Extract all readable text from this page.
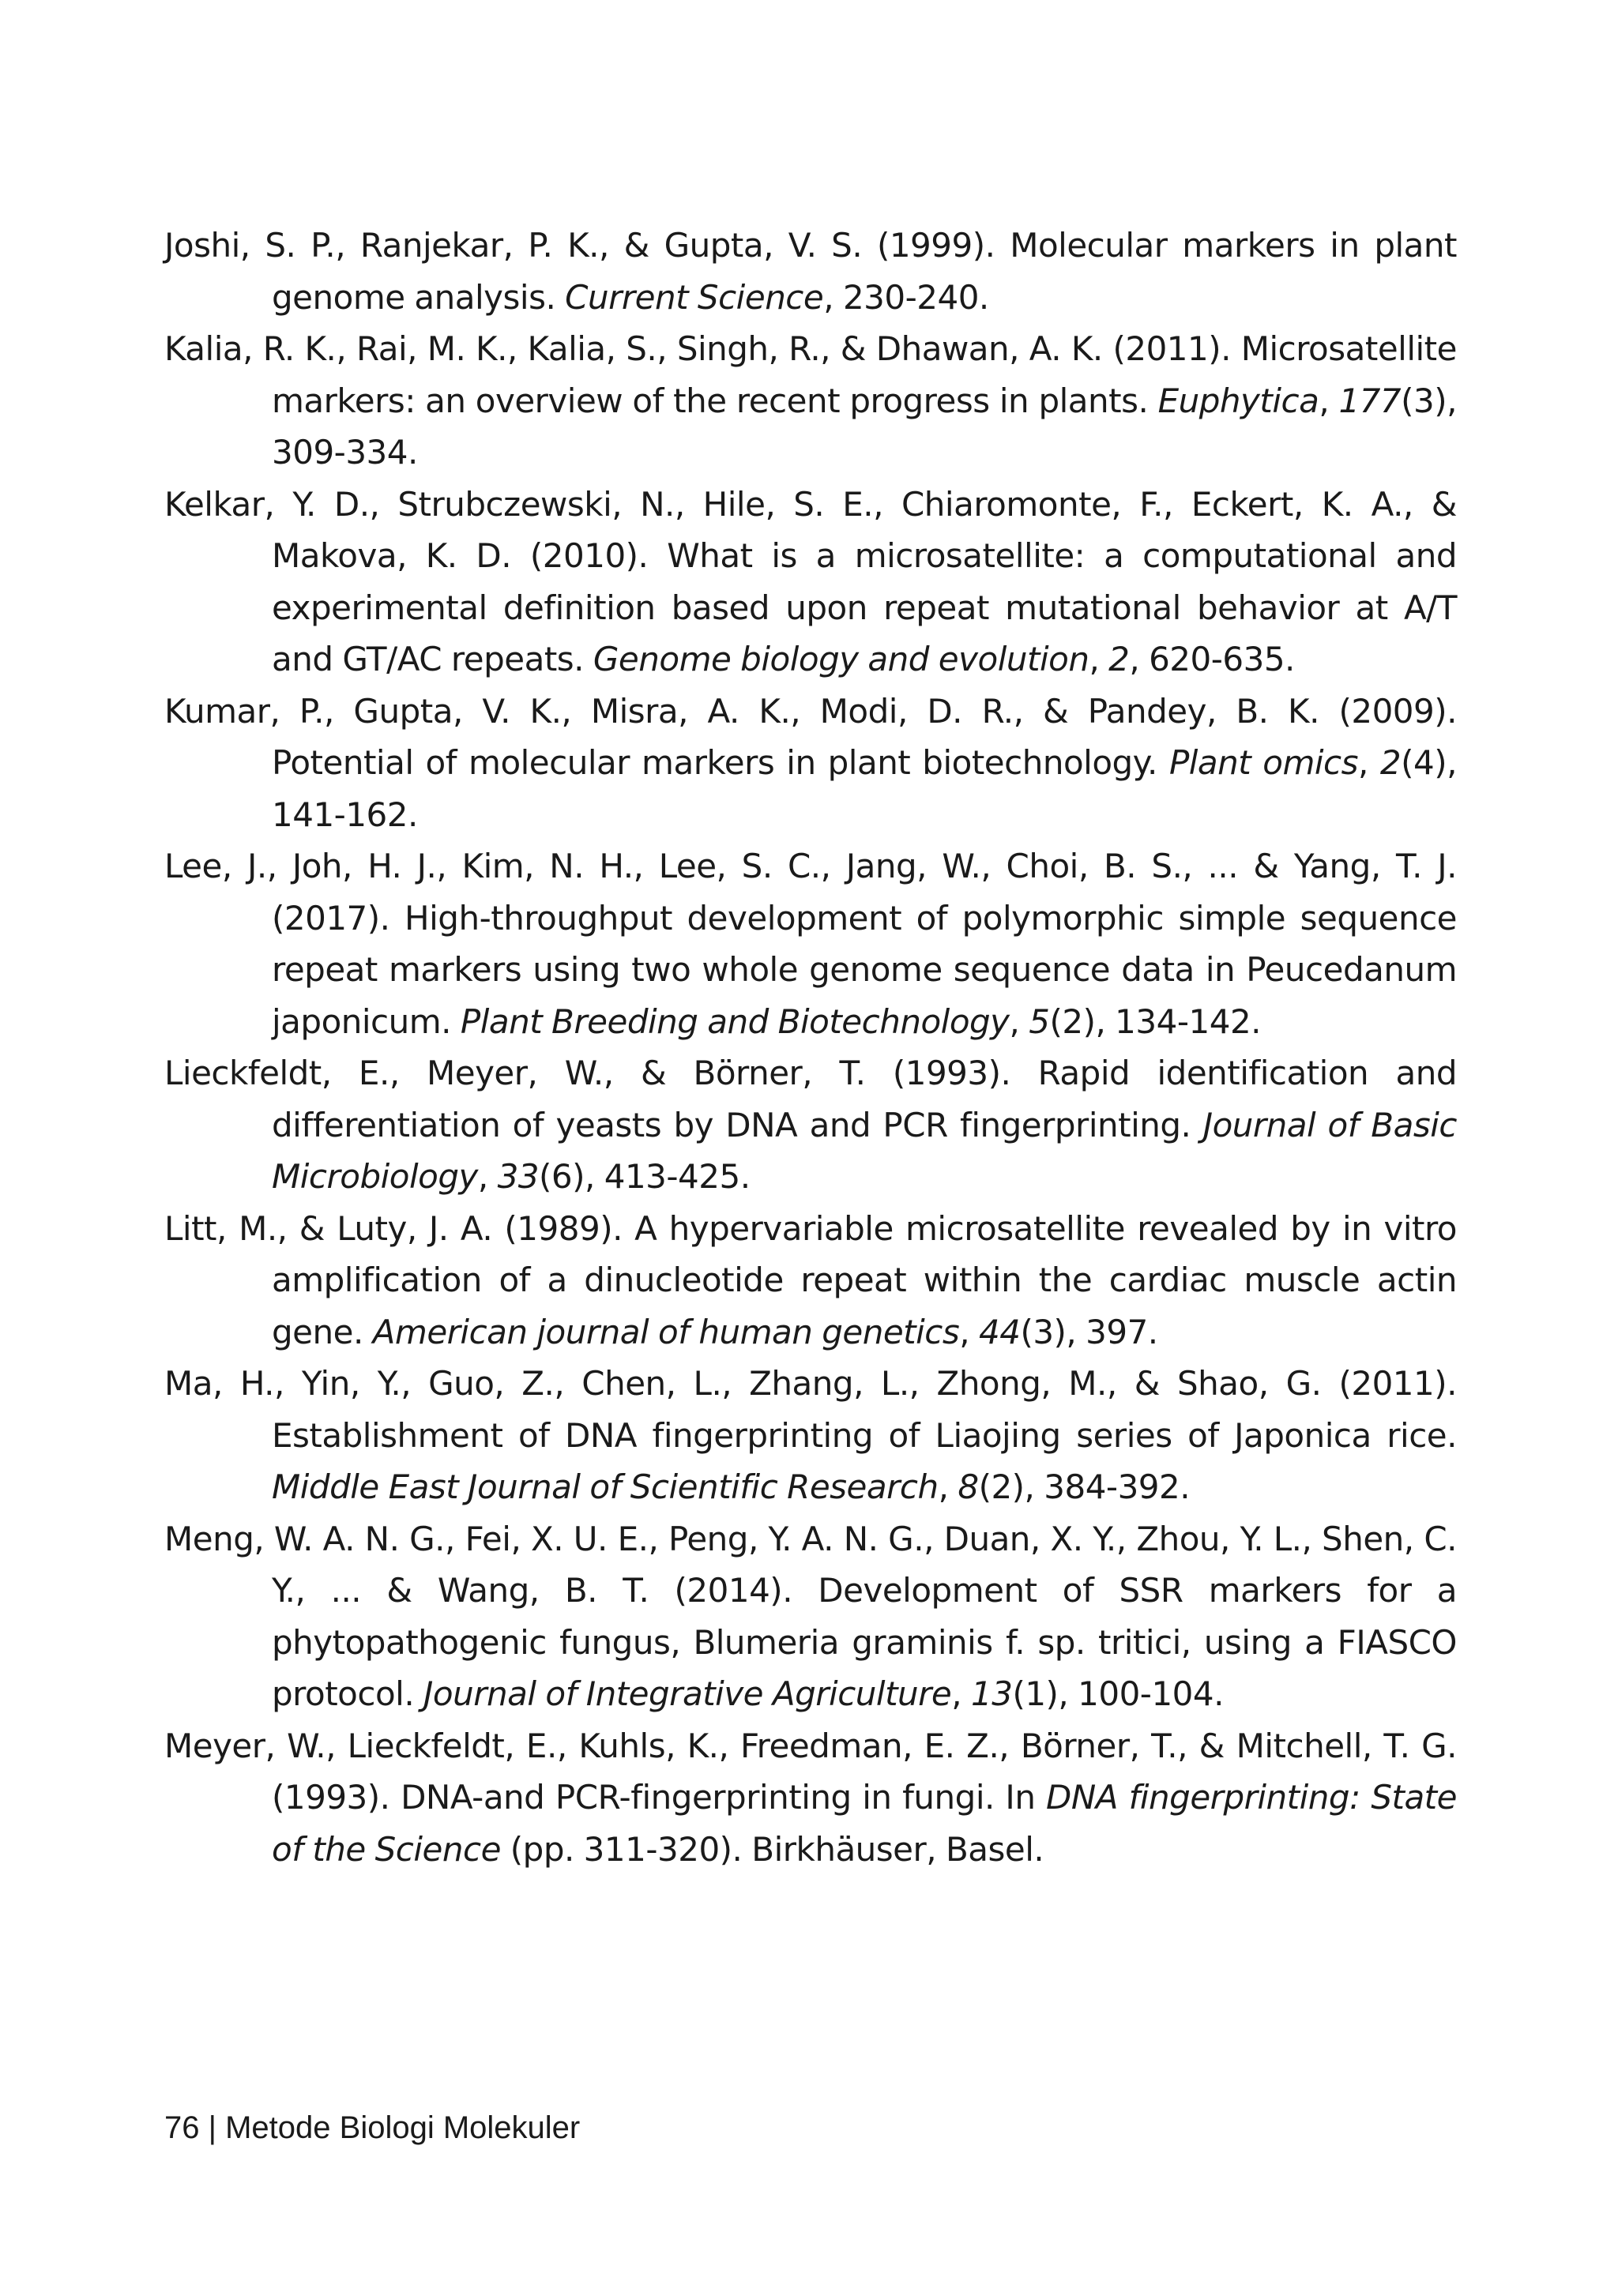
Joshi, S. P., Ranjekar, P. K., & Gupta, V. S. (1999). Molecular markers in plant genome analysis. Current Science, 230-240.
Kalia, R. K., Rai, M. K., Kalia, S., Singh, R., & Dhawan, A. K. (2011). Microsatellite markers: an overview of the recent progress in plants. Euphytica, 177(3), 309-334.
Kelkar, Y. D., Strubczewski, N., Hile, S. E., Chiaromonte, F., Eckert, K. A., & Makova, K. D. (2010). What is a microsatellite: a computational and experimental definition based upon repeat mutational behavior at A/T and GT/AC repeats. Genome biology and evolution, 2, 620-635.
Kumar, P., Gupta, V. K., Misra, A. K., Modi, D. R., & Pandey, B. K. (2009). Potential of molecular markers in plant biotechnology. Plant omics, 2(4), 141-162.
Lee, J., Joh, H. J., Kim, N. H., Lee, S. C., Jang, W., Choi, B. S., ... & Yang, T. J. (2017). High-throughput development of polymorphic simple sequence repeat markers using two whole genome sequence data in Peucedanum japonicum. Plant Breeding and Biotechnology, 5(2), 134-142.
Lieckfeldt, E., Meyer, W., & Börner, T. (1993). Rapid identification and differentiation of yeasts by DNA and PCR fingerprinting. Journal of Basic Microbiology, 33(6), 413-425.
Litt, M., & Luty, J. A. (1989). A hypervariable microsatellite revealed by in vitro amplification of a dinucleotide repeat within the cardiac muscle actin gene. American journal of human genetics, 44(3), 397.
Ma, H., Yin, Y., Guo, Z., Chen, L., Zhang, L., Zhong, M., & Shao, G. (2011). Establishment of DNA fingerprinting of Liaojing series of Japonica rice. Middle East Journal of Scientific Research, 8(2), 384-392.
Meng, W. A. N. G., Fei, X. U. E., Peng, Y. A. N. G., Duan, X. Y., Zhou, Y. L., Shen, C. Y., ... & Wang, B. T. (2014). Development of SSR markers for a phytopathogenic fungus, Blumeria graminis f. sp. tritici, using a FIASCO protocol. Journal of Integrative Agriculture, 13(1), 100-104.
Meyer, W., Lieckfeldt, E., Kuhls, K., Freedman, E. Z., Börner, T., & Mitchell, T. G. (1993). DNA-and PCR-fingerprinting in fungi. In DNA fingerprinting: State of the Science (pp. 311-320). Birkhäuser, Basel.
76 | Metode Biologi Molekuler
